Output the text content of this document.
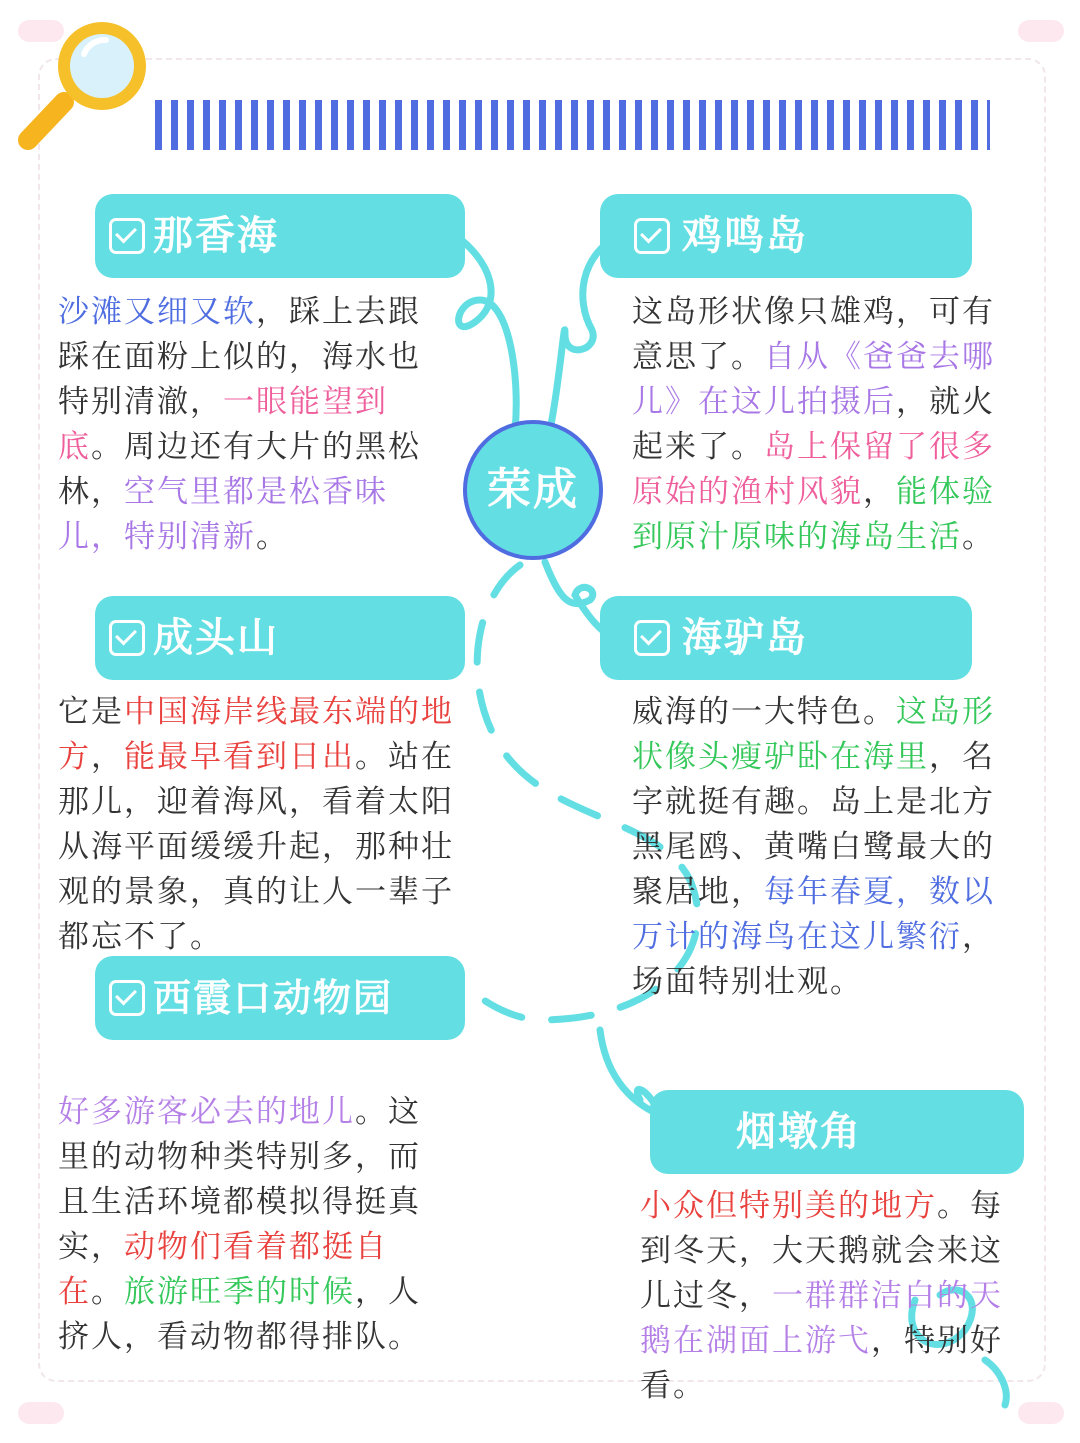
那香海
沙滩又细又软，踩上去跟踩在面粉上似的，海水也特别清澈，一眼能望到底。周边还有大片的黑松林，空气里都是松香味儿，特别清新。
鸡鸣岛
这岛形状像只雄鸡，可有意思了。自从《爸爸去哪儿》在这儿拍摄后，就火起来了。岛上保留了很多原始的渔村风貌，能体验到原汁原味的海岛生活。
成头山
它是中国海岸线最东端的地方，能最早看到日出。站在那儿，迎着海风，看着太阳从海平面缓缓升起，那种壮观的景象，真的让人一辈子都忘不了。
海驴岛
威海的一大特色。这岛形状像头瘦驴卧在海里，名字就挺有趣。岛上是北方黑尾鸥、黄嘴白鹭最大的聚居地，每年春夏，数以万计的海鸟在这儿繁衍，场面特别壮观。
西霞口动物园
好多游客必去的地儿。这里的动物种类特别多，而且生活环境都模拟得挺真实，动物们看着都挺自在。旅游旺季的时候，人挤人，看动物都得排队。
烟墩角
小众但特别美的地方。每到冬天，大天鹅就会来这儿过冬，一群群洁白的天鹅在湖面上游弋，特别好看。
荣成
